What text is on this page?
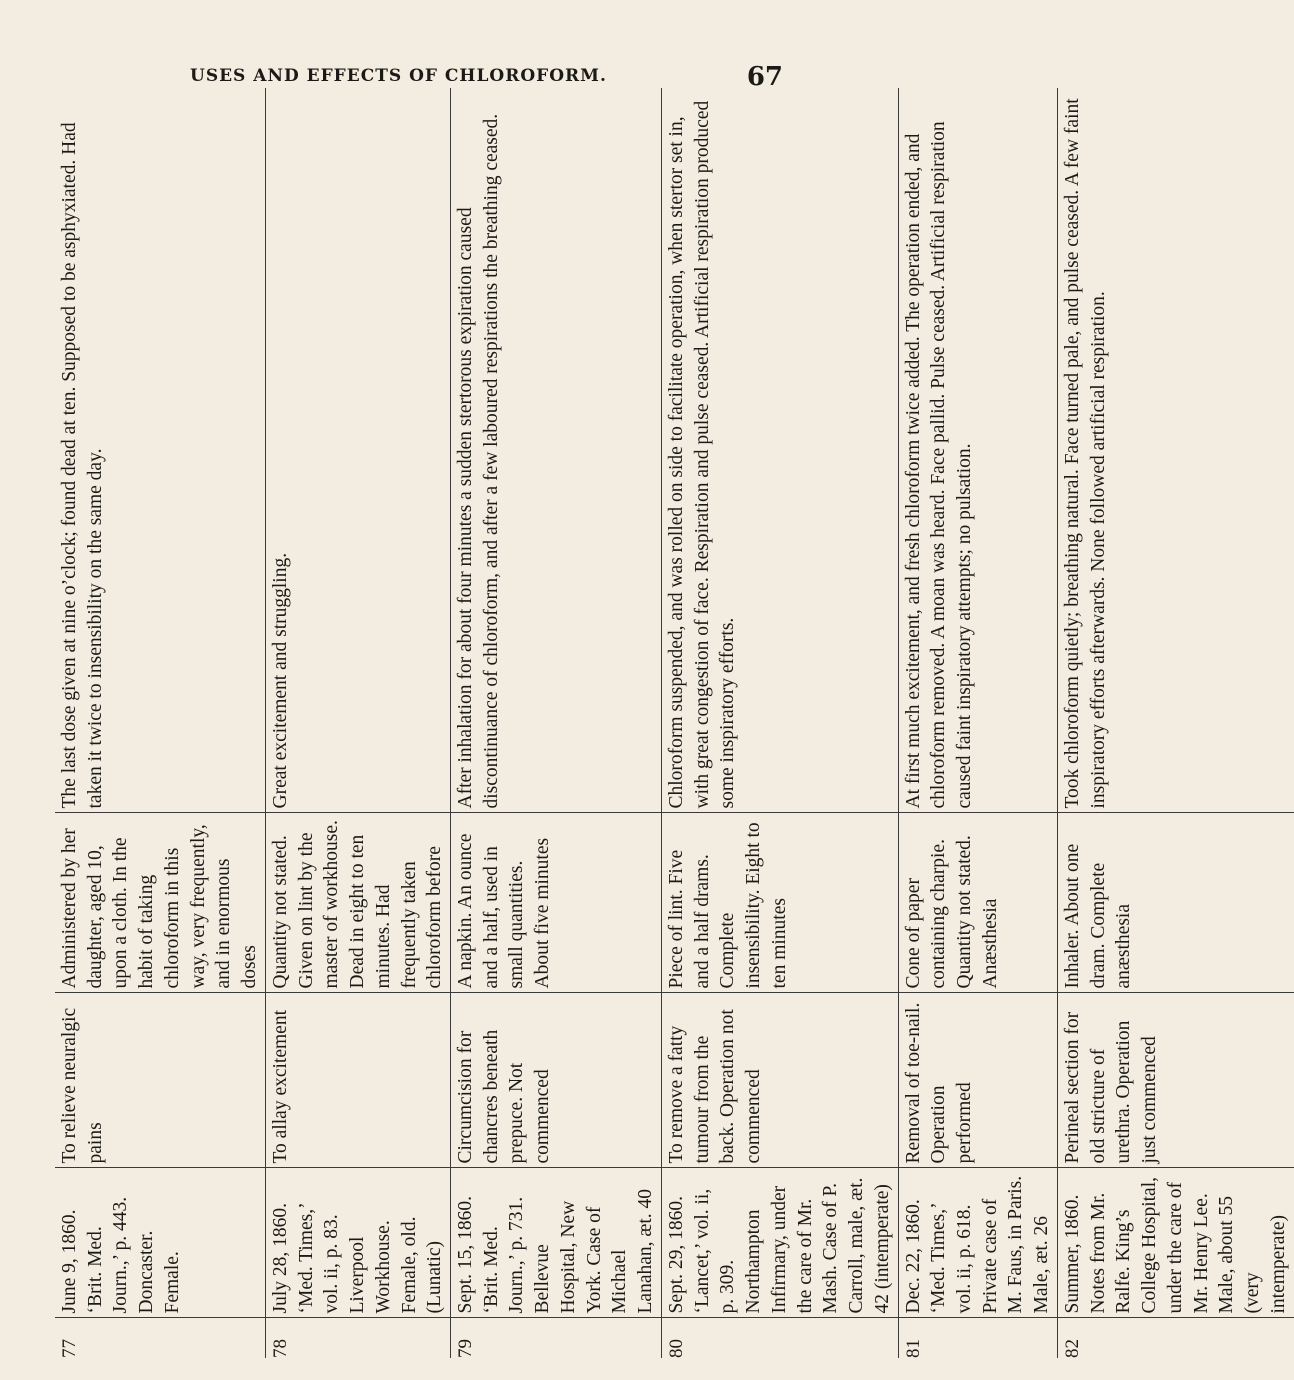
USES AND EFFECTS OF CHLOROFORM.	67
77	June 9, 1860. ‘Brit. Med. Journ.,’ p. 443. Doncaster. Female.	To relieve neuralgic pains	Administered by her daughter, aged 10, upon a cloth. In the habit of taking chloroform in this way, very frequently, and in enormous doses	The last dose given at nine o’clock; found dead at ten. Supposed to be asphyxiated. Had taken it twice to insensibility on the same day.
78	July 28, 1860. ‘Med. Times,’ vol. ii, p. 83. Liverpool Workhouse. Female, old. (Lunatic)	To allay excitement	Quantity not stated. Given on lint by the master of workhouse. Dead in eight to ten minutes. Had frequently taken chloroform before	Great excitement and struggling.
79	Sept. 15, 1860. ‘Brit. Med. Journ.,’ p. 731. Bellevue Hospital, New York. Case of Michael Lanahan, æt. 40	Circumcision for chancres beneath prepuce. Not commenced	A napkin. An ounce and a half, used in small quantities. About five minutes	After inhalation for about four minutes a sudden stertorous expiration caused discontinuance of chloroform, and after a few laboured respirations the breathing ceased.
80	Sept. 29, 1860. ‘Lancet,’ vol. ii, p. 309. Northampton Infirmary, under the care of Mr. Mash. Case of P. Carroll, male, æt. 42 (intemperate)	To remove a fatty tumour from the back. Operation not commenced	Piece of lint. Five and a half drams. Complete insensibility. Eight to ten minutes	Chloroform suspended, and was rolled on side to facilitate operation, when stertor set in, with great congestion of face. Respiration and pulse ceased. Artificial respiration produced some inspiratory efforts.
81	Dec. 22, 1860. ‘Med. Times,’ vol. ii, p. 618. Private case of M. Faus, in Paris. Male, æt. 26	Removal of toe-nail. Operation performed	Cone of paper containing charpie. Quantity not stated. Anæsthesia	At first much excitement, and fresh chloroform twice added. The operation ended, and chloroform removed. A moan was heard. Face pallid. Pulse ceased. Artificial respiration caused faint inspiratory attempts; no pulsation.
82	Summer, 1860. Notes from Mr. Ralfe. King’s College Hospital, under the care of Mr. Henry Lee. Male, about 55 (very intemperate)	Perineal section for old stricture of urethra. Operation just commenced	Inhaler. About one dram. Complete anæsthesia	Took chloroform quietly; breathing natural. Face turned pale, and pulse ceased. A few faint inspiratory efforts afterwards. None followed artificial respiration.
